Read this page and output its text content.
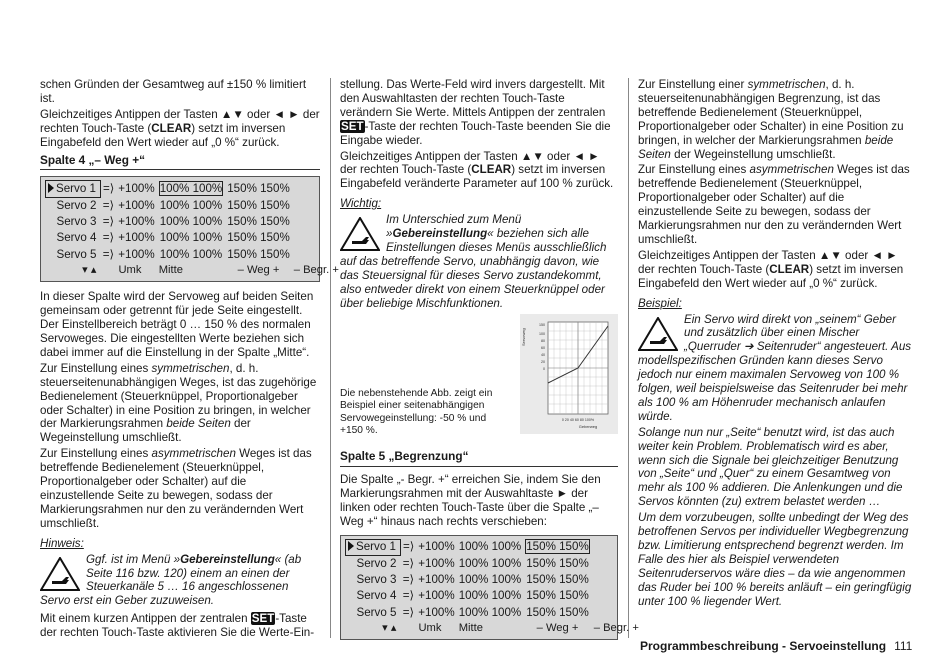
schen Gründen der Gesamtweg auf ±150 % limitiert ist.

Gleichzeitiges Antippen der Tasten ▲▼ oder ◄ ► der rechten Touch-Taste (CLEAR) setzt im inversen Eingabefeld den Wert wieder auf „0 %“ zurück.

Spalte 4 „– Weg +“
Servo 1	=⟩	+100%	100% 100%	150% 150%	
Servo 2	=⟩	+100%	100% 100%	150% 150%	
Servo 3	=⟩	+100%	100% 100%	150% 150%	
Servo 4	=⟩	+100%	100% 100%	150% 150%	
Servo 5	=⟩	+100%	100% 100%	150% 150%	
▾ ▴	Umk		Mitte	– Weg +	– Begr. +

In dieser Spalte wird der Servoweg auf beiden Seiten gemeinsam oder getrennt für jede Seite eingestellt. Der Einstellbereich beträgt 0 … 150 % des normalen Servoweges. Die eingestellten Werte beziehen sich dabei immer auf die Einstellung in der Spalte „Mitte“.

Zur Einstellung eines symmetrischen, d. h. steuerseitenunabhängigen Weges, ist das zugehörige Bedienelement (Steuerknüppel, Proportionalgeber oder Schalter) in eine Position zu bringen, in welcher der Markierungsrahmen beide Seiten der Wegeinstellung umschließt.

Zur Einstellung eines asymmetrischen Weges ist das betreffende Bedienelement (Steuerknüppel, Proportionalgeber oder Schalter) auf die einzustellende Seite zu bewegen, sodass der Markierungsrahmen nur den zu verändernden Wert umschließt.

Hinweis:

Ggf. ist im Menü »Gebereinstellung« (ab Seite 116 bzw. 120) einem an einen der Steuerkanäle 5 … 16 angeschlossenen Servo erst ein Geber zuzuweisen.

Mit einem kurzen Antippen der zentralen SET-Taste der rechten Touch-Taste aktivieren Sie die Werte-Ein-

stellung. Das Werte-Feld wird invers dargestellt. Mit den Auswahltasten der rechten Touch-Taste verändern Sie Werte. Mittels Antippen der zentralen SET-Taste der rechten Touch-Taste beenden Sie die Eingabe wieder.

Gleichzeitiges Antippen der Tasten ▲▼ oder ◄ ► der rechten Touch-Taste (CLEAR) setzt im inversen Eingabefeld veränderte Parameter auf 100 % zurück.

Wichtig:

Im Unterschied zum Menü »Gebereinstellung« beziehen sich alle Einstellungen dieses Menüs ausschließlich auf das betreffende Servo, unabhängig davon, wie das Steuersignal für dieses Servo zustandekommt, also entweder direkt von einem Steuerknüppel oder über beliebige Mischfunktionen.

Die nebenstehende Abb. zeigt ein Beispiel einer seitenabhängigen Servowegeinstellung: -50 % und +150 %.
Servoweg
Geberweg
0 20 40 60 80 100%
150
100
80
60
40
20
0
Spalte 5 „Begrenzung“

Die Spalte „- Begr. +“ erreichen Sie, indem Sie den Markierungsrahmen mit der Auswahltaste ► der linken oder rechten Touch-Taste über die Spalte „– Weg +“ hinaus nach rechts verschieben:

Servo 1	=⟩	+100%	100% 100%	150% 150%	
Servo 2	=⟩	+100%	100% 100%	150% 150%	
Servo 3	=⟩	+100%	100% 100%	150% 150%	
Servo 4	=⟩	+100%	100% 100%	150% 150%	
Servo 5	=⟩	+100%	100% 100%	150% 150%	
▾ ▴	Umk		Mitte	– Weg +	– Begr. +

Zur Einstellung einer symmetrischen, d. h. steuerseitenunabhängigen Begrenzung, ist das betreffende Bedienelement (Steuerknüppel, Proportionalgeber oder Schalter) in eine Position zu bringen, in welcher der Markierungsrahmen beide Seiten der Wegeinstellung umschließt.

Zur Einstellung eines asymmetrischen Weges ist das betreffende Bedienelement (Steuerknüppel, Proportionalgeber oder Schalter) auf die einzustellende Seite zu bewegen, sodass der Markierungsrahmen nur den zu verändernden Wert umschließt.

Gleichzeitiges Antippen der Tasten ▲▼ oder ◄ ► der rechten Touch-Taste (CLEAR) setzt im inversen Eingabefeld den Wert wieder auf „0 %“ zurück.

Beispiel:

Ein Servo wird direkt von „seinem“ Geber und zusätzlich über einen Mischer „Querruder ➔ Seitenruder“ angesteuert. Aus modellspezifischen Gründen kann dieses Servo jedoch nur einem maximalen Servoweg von 100 % folgen, weil beispielsweise das Seitenruder bei mehr als 100 % am Höhenruder mechanisch anlaufen würde.

Solange nun nur „Seite“ benutzt wird, ist das auch weiter kein Problem. Problematisch wird es aber, wenn sich die Signale bei gleichzeitiger Benutzung von „Seite“ und „Quer“ zu einem Gesamtweg von mehr als 100 % addieren. Die Anlenkungen und die Servos könnten (zu) extrem belastet werden …

Um dem vorzubeugen, sollte unbedingt der Weg des betroffenen Servos per individueller Wegbegrenzung bzw. Limitierung entsprechend begrenzt werden. Im Falle des hier als Beispiel verwendeten Seitenruderservos wäre dies – da wie angenommen das Ruder bei 100 % bereits anläuft – ein geringfügig unter 100 % liegender Wert.

Programmbeschreibung - Servoeinstellung 111
